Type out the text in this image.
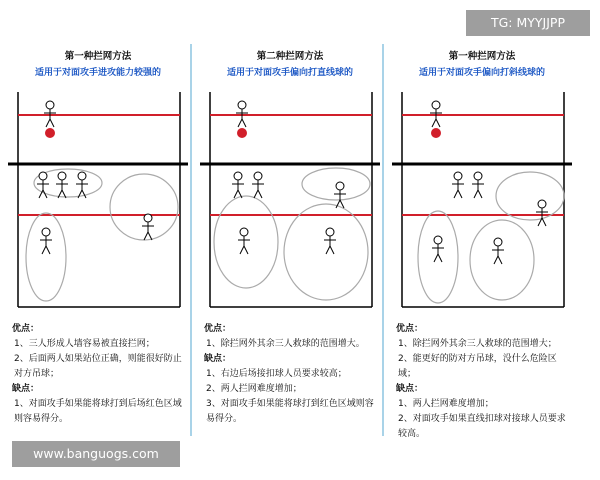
TG: MYYJJPP
第一种拦网方法
适用于对面攻手进攻能力较强的
优点：
1、三人形成人墙容易被直接拦网；
2、后面两人如果站位正确，则能很好防止对方吊球；
缺点：
1、对面攻手如果能将球打到后场红色区域则容易得分。
第二种拦网方法
适用于对面攻手偏向打直线球的
优点：
1、除拦网外其余三人救球的范围增大。
缺点：
1、右边后场接扣球人员要求较高；
2、两人拦网难度增加；
3、对面攻手如果能将球打到红色区域则容易得分。
第一种拦网方法
适用于对面攻手偏向打斜线球的
优点：
1、除拦网外其余三人救球的范围增大；
2、能更好的防对方吊球，没什么危险区域；
缺点：
1、两人拦网难度增加；
2、对面攻手如果直线扣球对接球人员要求较高。
www.banguogs.com
